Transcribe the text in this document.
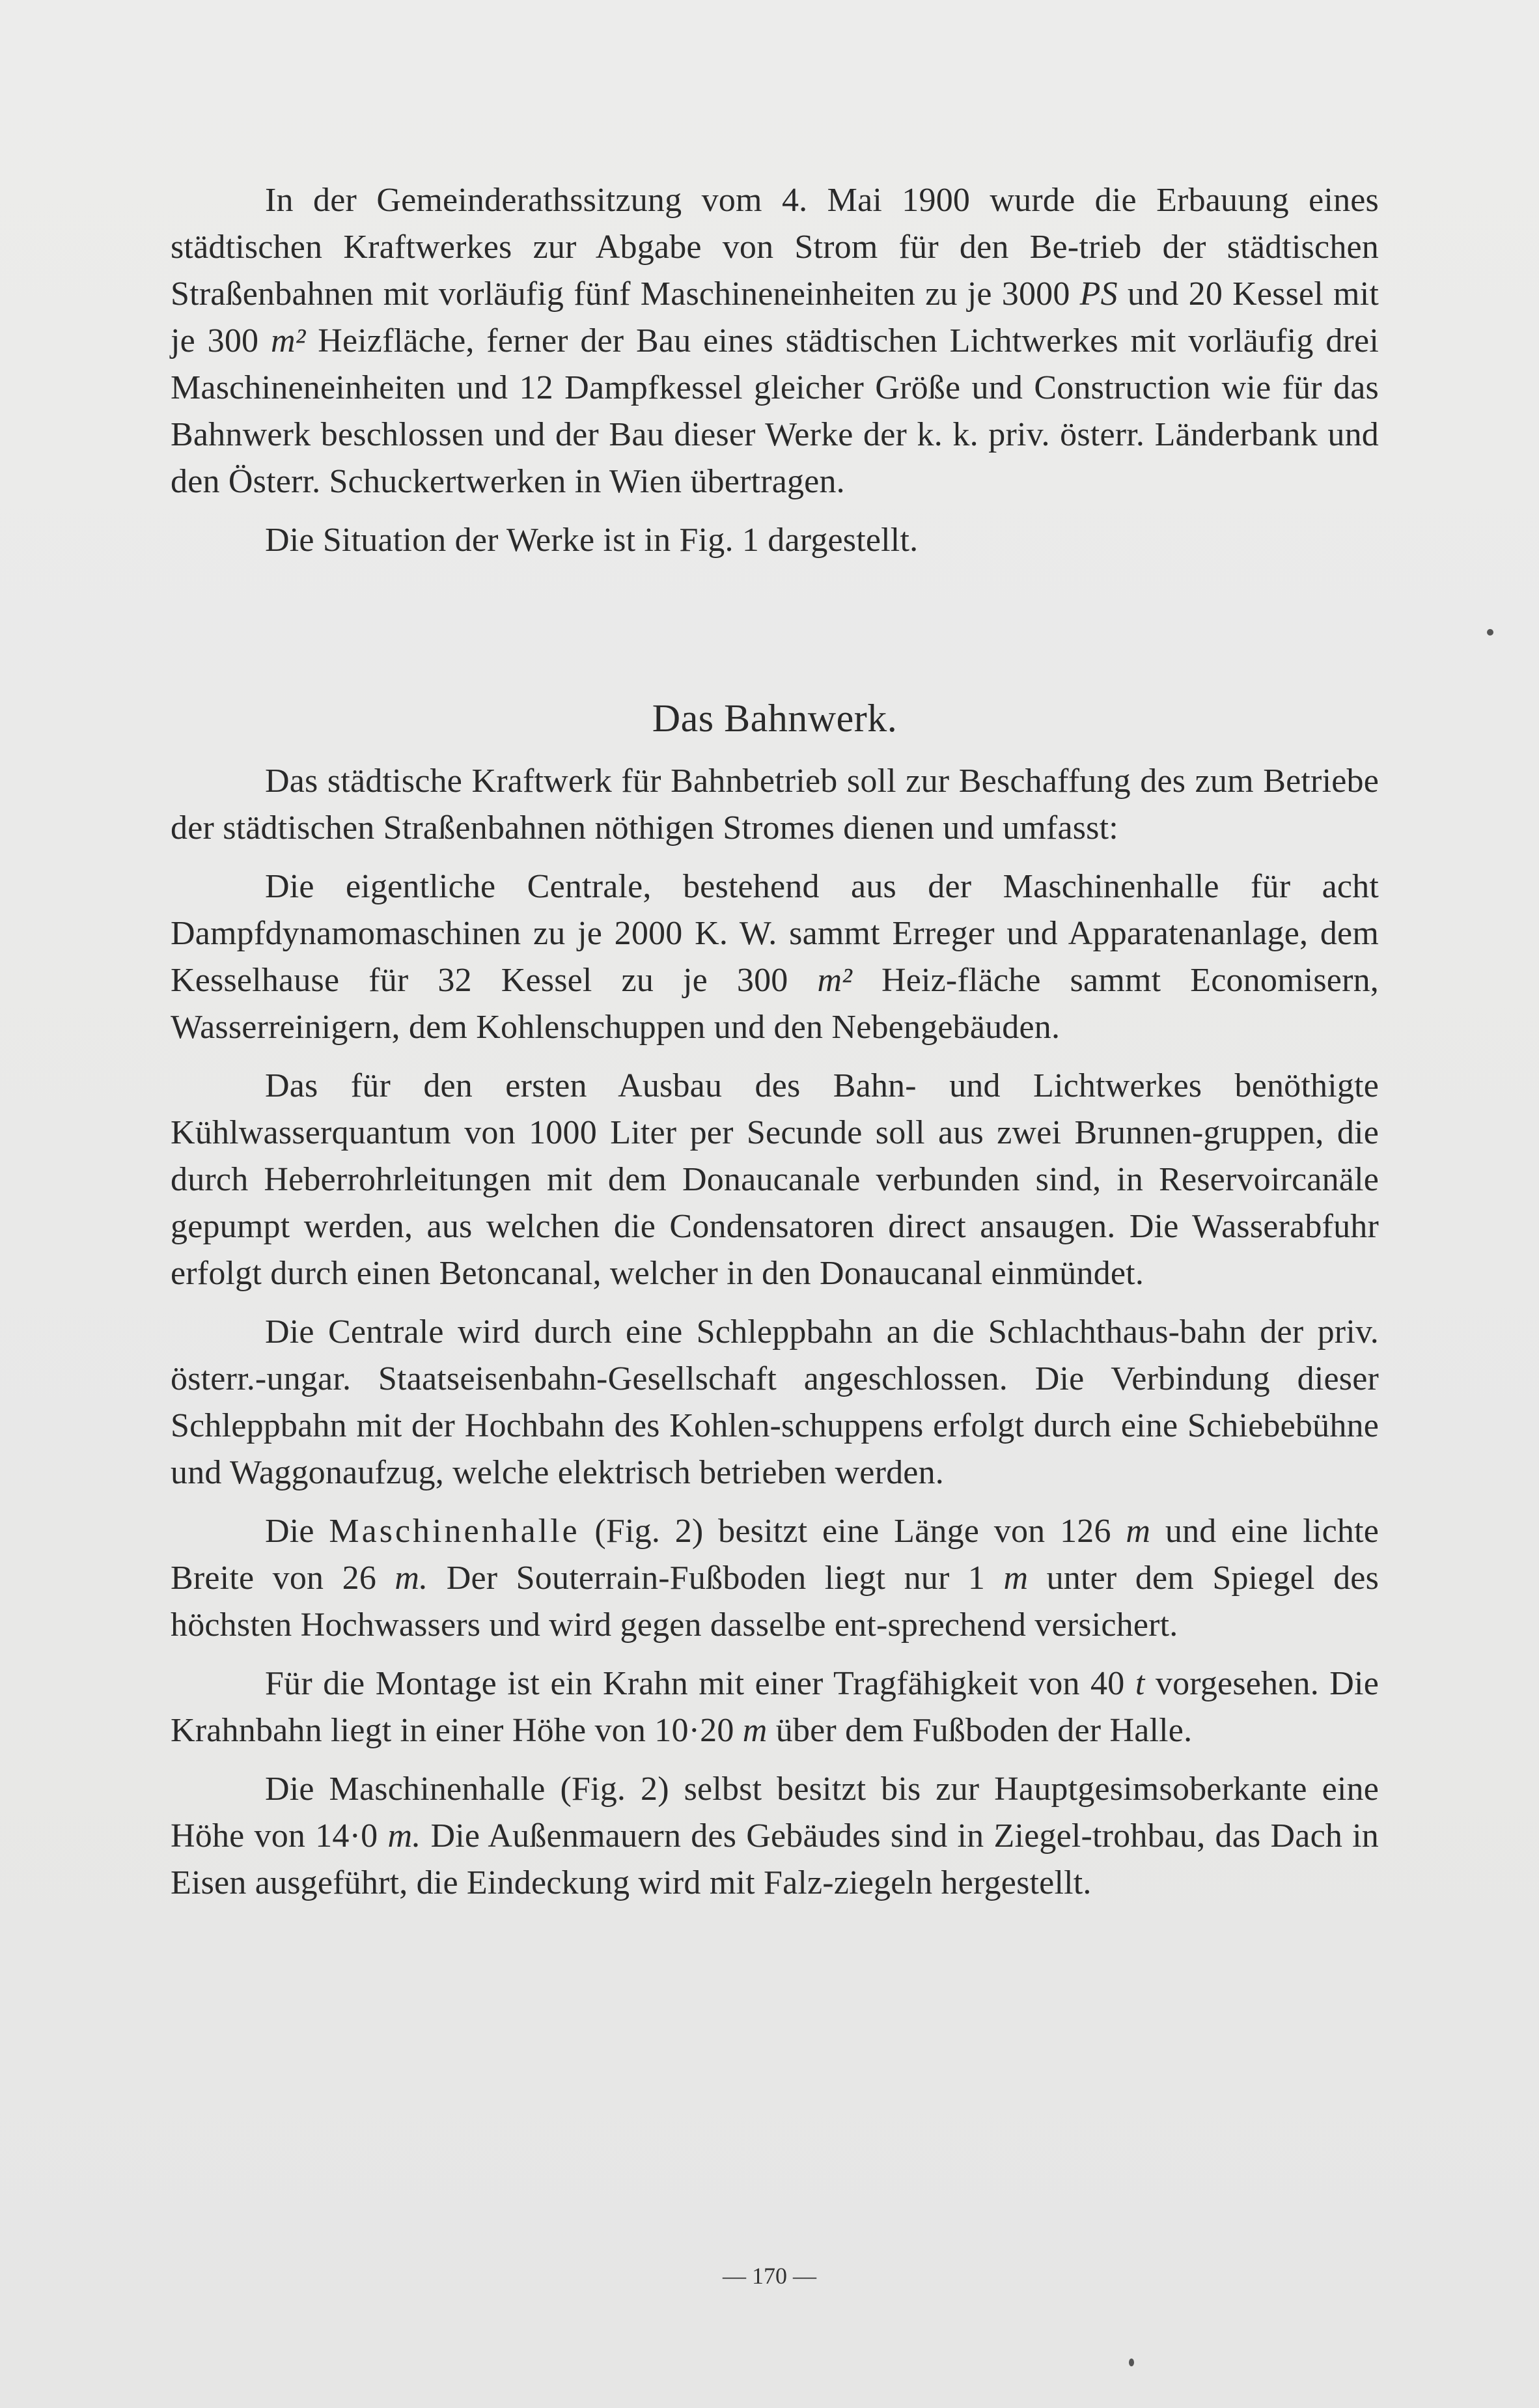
In der Gemeinderathssitzung vom 4. Mai 1900 wurde die Erbauung eines städtischen Kraftwerkes zur Abgabe von Strom für den Be-trieb der städtischen Straßenbahnen mit vorläufig fünf Maschineneinheiten zu je 3000 PS und 20 Kessel mit je 300 m² Heizfläche, ferner der Bau eines städtischen Lichtwerkes mit vorläufig drei Maschineneinheiten und 12 Dampfkessel gleicher Größe und Construction wie für das Bahnwerk beschlossen und der Bau dieser Werke der k. k. priv. österr. Länderbank und den Österr. Schuckertwerken in Wien übertragen.

Die Situation der Werke ist in Fig. 1 dargestellt.

Das Bahnwerk.

Das städtische Kraftwerk für Bahnbetrieb soll zur Beschaffung des zum Betriebe der städtischen Straßenbahnen nöthigen Stromes dienen und umfasst:

Die eigentliche Centrale, bestehend aus der Maschinenhalle für acht Dampfdynamomaschinen zu je 2000 K. W. sammt Erreger und Apparatenanlage, dem Kesselhause für 32 Kessel zu je 300 m² Heiz-fläche sammt Economisern, Wasserreinigern, dem Kohlenschuppen und den Nebengebäuden.

Das für den ersten Ausbau des Bahn- und Lichtwerkes benöthigte Kühlwasserquantum von 1000 Liter per Secunde soll aus zwei Brunnen-gruppen, die durch Heberrohrleitungen mit dem Donaucanale verbunden sind, in Reservoircanäle gepumpt werden, aus welchen die Condensatoren direct ansaugen. Die Wasserabfuhr erfolgt durch einen Betoncanal, welcher in den Donaucanal einmündet.

Die Centrale wird durch eine Schleppbahn an die Schlachthaus-bahn der priv. österr.-ungar. Staatseisenbahn-Gesellschaft angeschlossen. Die Verbindung dieser Schleppbahn mit der Hochbahn des Kohlen-schuppens erfolgt durch eine Schiebebühne und Waggonaufzug, welche elektrisch betrieben werden.

Die Maschinenhalle (Fig. 2) besitzt eine Länge von 126 m und eine lichte Breite von 26 m. Der Souterrain-Fußboden liegt nur 1 m unter dem Spiegel des höchsten Hochwassers und wird gegen dasselbe ent-sprechend versichert.

Für die Montage ist ein Krahn mit einer Tragfähigkeit von 40 t vorgesehen. Die Krahnbahn liegt in einer Höhe von 10·20 m über dem Fußboden der Halle.

Die Maschinenhalle (Fig. 2) selbst besitzt bis zur Hauptgesimsoberkante eine Höhe von 14·0 m. Die Außenmauern des Gebäudes sind in Ziegel-trohbau, das Dach in Eisen ausgeführt, die Eindeckung wird mit Falz-ziegeln hergestellt.

— 170 —
